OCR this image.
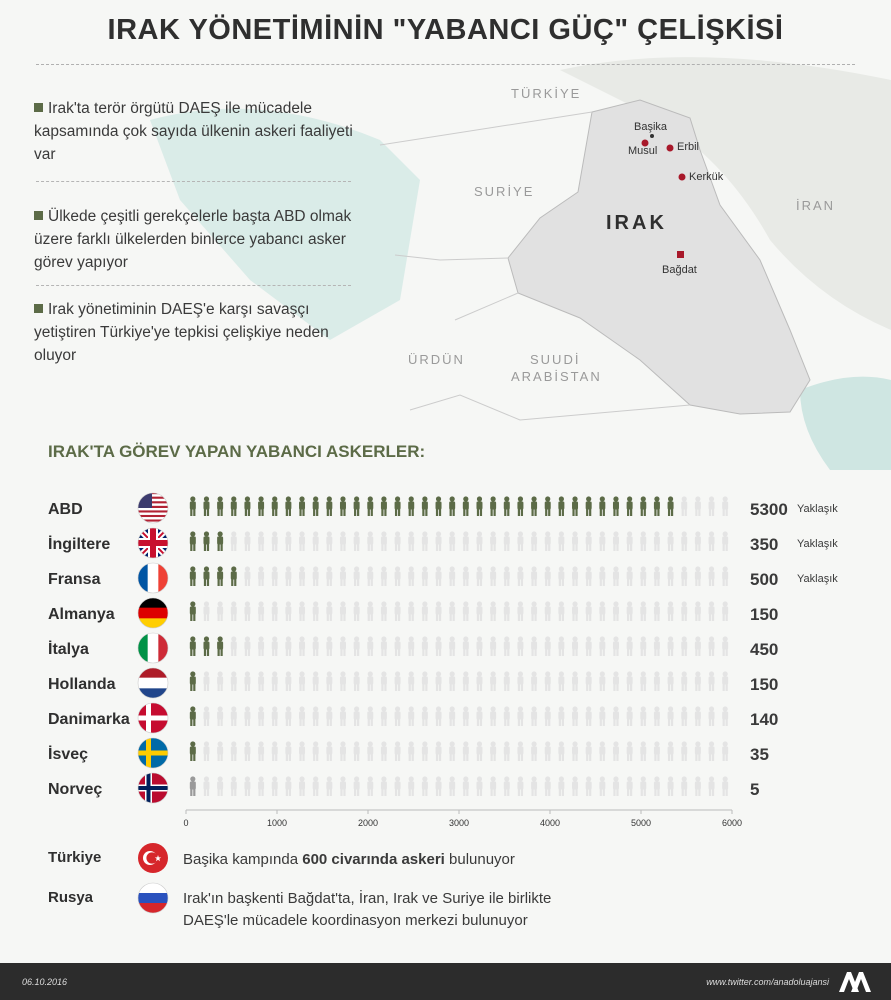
IRAK YÖNETİMİNİN "YABANCI GÜÇ" ÇELİŞKİSİ
Irak'ta terör örgütü DAEŞ ile mücadele kapsamında çok sayıda ülkenin askeri faaliyeti var
Ülkede çeşitli gerekçelerle başta ABD olmak üzere farklı ülkelerden binlerce yabancı asker görev yapıyor
Irak yönetiminin DAEŞ'e karşı savaşçı yetiştiren Türkiye'ye tepkisi çelişkiye neden oluyor
TÜRKİYE
SURİYE
İRAN
ÜRDÜN	SUUDİ
ARABİSTAN
IRAK
Başika
Musul Erbil
Kerkük
Bağdat
IRAK'TA GÖREV YAPAN YABANCI ASKERLER:
ABD	5300 Yaklaşık
İngiltere	350 Yaklaşık
Fransa	500 Yaklaşık
Almanya	150
İtalya	450
Hollanda	150
Danimarka	140
İsveç	35
Norveç	5
0	1000	2000	3000	4000	5000	6000
Türkiye	Başika kampında 600 civarında askeri bulunuyor
Rusya	Irak'ın başkenti Bağdat'ta, İran, Irak ve Suriye ile birlikte
DAEŞ'le mücadele koordinasyon merkezi bulunuyor
06.10.2016	www.twitter.com/anadoluajansi
